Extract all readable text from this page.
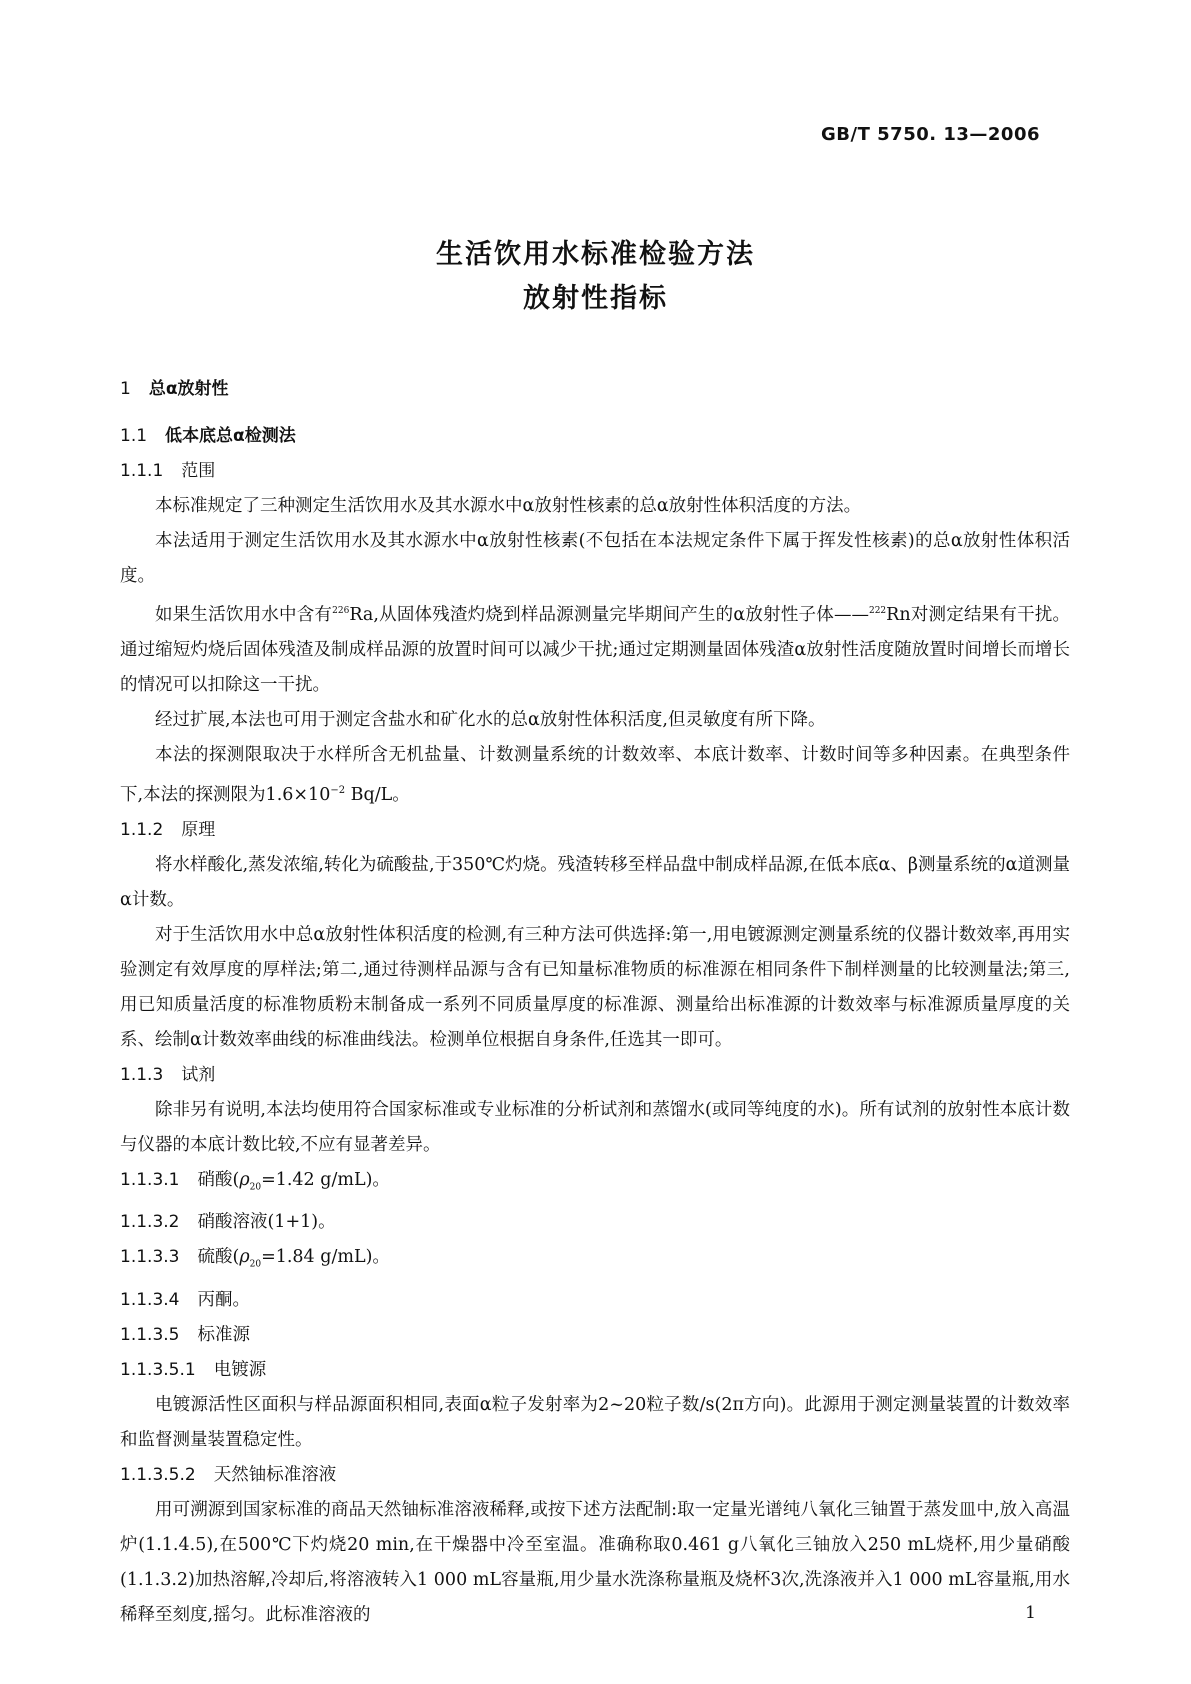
GB/T 5750. 13—2006
生活饮用水标准检验方法
放射性指标
1 总α放射性
1.1 低本底总α检测法
1.1.1 范围

本标准规定了三种测定生活饮用水及其水源水中α放射性核素的总α放射性体积活度的方法。

本法适用于测定生活饮用水及其水源水中α放射性核素(不包括在本法规定条件下属于挥发性核素)的总α放射性体积活度。

如果生活饮用水中含有$^{226}$Ra,从固体残渣灼烧到样品源测量完毕期间产生的α放射性子体——$^{222}$Rn对测定结果有干扰。通过缩短灼烧后固体残渣及制成样品源的放置时间可以减少干扰;通过定期测量固体残渣α放射性活度随放置时间增长而增长的情况可以扣除这一干扰。

经过扩展,本法也可用于测定含盐水和矿化水的总α放射性体积活度,但灵敏度有所下降。

本法的探测限取决于水样所含无机盐量、计数测量系统的计数效率、本底计数率、计数时间等多种因素。在典型条件下,本法的探测限为$1.6\times 10^{-2}$ Bq/L。

1.1.2 原理

将水样酸化,蒸发浓缩,转化为硫酸盐,于350℃灼烧。残渣转移至样品盘中制成样品源,在低本底α、β测量系统的α道测量α计数。

对于生活饮用水中总α放射性体积活度的检测,有三种方法可供选择:第一,用电镀源测定测量系统的仪器计数效率,再用实验测定有效厚度的厚样法;第二,通过待测样品源与含有已知量标准物质的标准源在相同条件下制样测量的比较测量法;第三,用已知质量活度的标准物质粉末制备成一系列不同质量厚度的标准源、测量给出标准源的计数效率与标准源质量厚度的关系、绘制α计数效率曲线的标准曲线法。检测单位根据自身条件,任选其一即可。

1.1.3 试剂

除非另有说明,本法均使用符合国家标准或专业标准的分析试剂和蒸馏水(或同等纯度的水)。所有试剂的放射性本底计数与仪器的本底计数比较,不应有显著差异。

1.1.3.1 硝酸($\rho_{20}=1.42$ g/mL)。
1.1.3.2 硝酸溶液(1+1)。
1.1.3.3 硫酸($\rho_{20}=1.84$ g/mL)。
1.1.3.4 丙酮。
1.1.3.5 标准源
1.1.3.5.1 电镀源

电镀源活性区面积与样品源面积相同,表面α粒子发射率为2~20粒子数/s(2π方向)。此源用于测定测量装置的计数效率和监督测量装置稳定性。

1.1.3.5.2 天然铀标准溶液

用可溯源到国家标准的商品天然铀标准溶液稀释,或按下述方法配制:取一定量光谱纯八氧化三铀置于蒸发皿中,放入高温炉(1.1.4.5),在500℃下灼烧20 min,在干燥器中冷至室温。准确称取0.461 g八氧化三铀放入250 mL烧杯,用少量硝酸(1.1.3.2)加热溶解,冷却后,将溶液转入1 000 mL容量瓶,用少量水洗涤称量瓶及烧杯3次,洗涤液并入1 000 mL容量瓶,用水稀释至刻度,摇匀。此标准溶液的	1
